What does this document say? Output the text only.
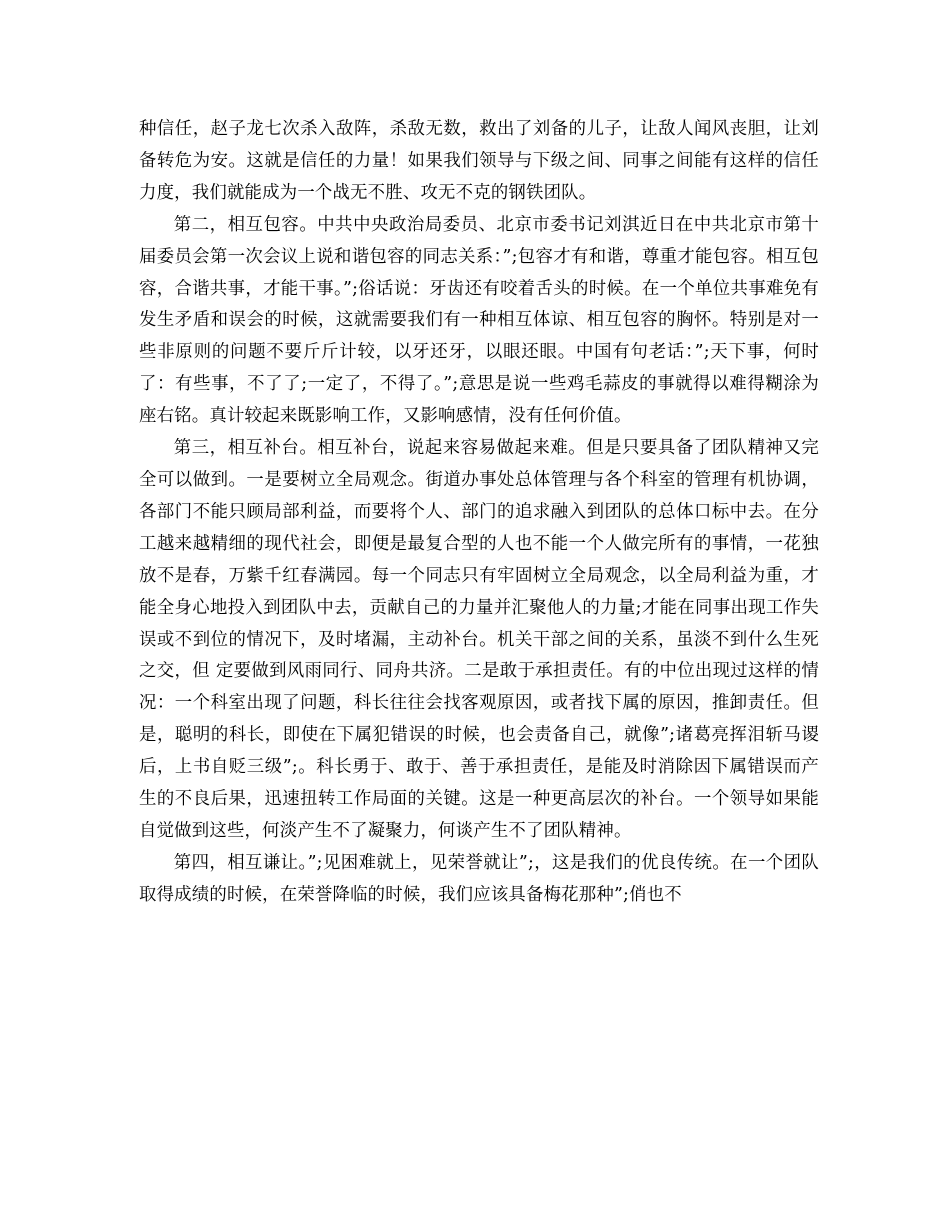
种信任，赵子龙七次杀入敌阵，杀敌无数，救出了刘备的儿子，让敌人闻风丧胆，让刘备转危为安。这就是信任的力量！如果我们领导与下级之间、同事之间能有这样的信任力度，我们就能成为一个战无不胜、攻无不克的钢铁团队。

第二，相互包容。中共中央政治局委员、北京市委书记刘淇近日在中共北京市第十届委员会第一次会议上说和谐包容的同志关系：”;包容才有和谐，尊重才能包容。相互包容，合谐共事，才能干事。”;俗话说：牙齿还有咬着舌头的时候。在一个单位共事难免有发生矛盾和误会的时候，这就需要我们有一种相互体谅、相互包容的胸怀。特别是对一些非原则的问题不要斤斤计较，以牙还牙，以眼还眼。中国有句老话：”;天下事，何时了：有些事，不了了;一定了，不得了。”;意思是说一些鸡毛蒜皮的事就得以难得糊涂为座右铭。真计较起来既影响工作，又影响感情，没有任何价值。

第三，相互补台。相互补台，说起来容易做起来难。但是只要具备了团队精神又完全可以做到。一是要树立全局观念。街道办事处总体管理与各个科室的管理有机协调，各部门不能只顾局部利益，而要将个人、部门的追求融入到团队的总体口标中去。在分工越来越精细的现代社会，即便是最复合型的人也不能一个人做完所有的事情，一花独放不是春，万紫千红春满园。每一个同志只有牢固树立全局观念，以全局利益为重，才能全身心地投入到团队中去，贡献自己的力量并汇聚他人的力量;才能在同事出现工作失误或不到位的情况下，及时堵漏，主动补台。机关干部之间的关系，虽淡不到什么生死之交，但 定要做到风雨同行、同舟共济。二是敢于承担责任。有的中位出现过这样的情况：一个科室出现了问题，科长往往会找客观原因，或者找下属的原因，推卸责任。但是，聪明的科长，即使在下属犯错误的时候，也会责备自己，就像”;诸葛亮挥泪斩马谡后，上书自贬三级”;。科长勇于、敢于、善于承担责任，是能及时消除因下属错误而产生的不良后果，迅速扭转工作局面的关键。这是一种更高层次的补台。一个领导如果能自觉做到这些，何淡产生不了凝聚力，何谈产生不了团队精神。

第四，相互谦让。”;见困难就上，见荣誉就让”;，这是我们的优良传统。在一个团队取得成绩的时候，在荣誉降临的时候，我们应该具备梅花那种”;俏也不
